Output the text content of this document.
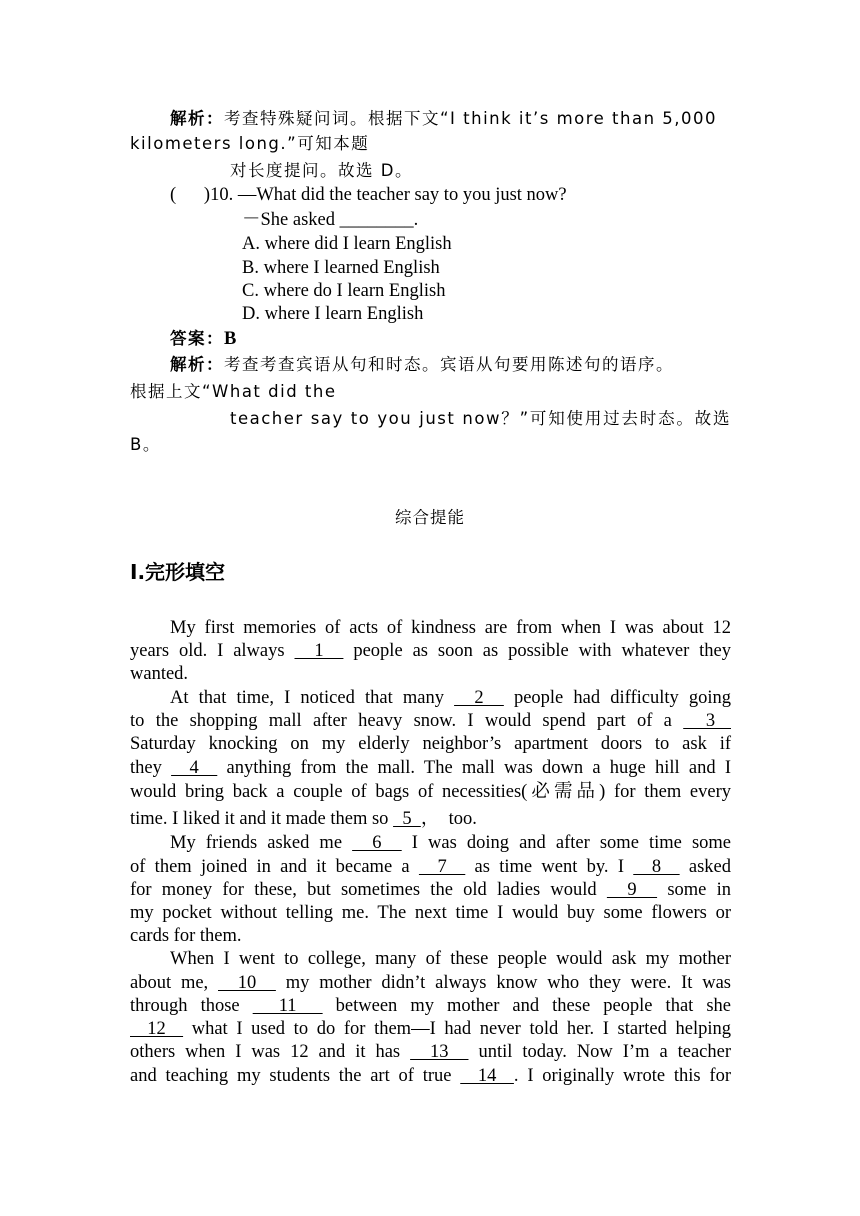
解析：考查特殊疑问词。根据下文“I think it’s more than 5,000
kilometers long.”可知本题
对长度提问。故选 D。
(      )10. —What did the teacher say to you just now?
－She asked ________.
A. where did I learn English
B. where I learned English
C. where do I learn English
D. where I learn English
答案：B
解析：考查考查宾语从句和时态。宾语从句要用陈述句的语序。
根据上文“What did the
teacher say to you just now？”可知使用过去时态。故选
B。
综合提能
Ⅰ.完形填空
My first memories of acts of kindness are from when I was about 12
years old. I always   1   people as soon as possible with whatever they
wanted.
At that time, I noticed that many   2   people had difficulty going
to the shopping mall after heavy snow. I would spend part of a   3
Saturday knocking on my elderly neighbor’s apartment doors to ask if
they   4   anything from the mall. The mall was down a huge hill and I
would bring back a couple of bags of necessities(必需品) for them every
time. I liked it and it made them so   5  ，  too.
My friends asked me   6   I was doing and after some time some
of them joined in and it became a   7   as time went by. I   8   asked
for money for these, but sometimes the old ladies would   9   some in
my pocket without telling me. The next time I would buy some flowers or
cards for them.
When I went to college, many of these people would ask my mother
about me,   10   my mother didn’t always know who they were. It was
through those   11   between my mother and these people that she
12   what I used to do for them—I had never told her. I started helping
others when I was 12 and it has   13   until today. Now I’m a teacher
and teaching my students the art of true   14  . I originally wrote this for
